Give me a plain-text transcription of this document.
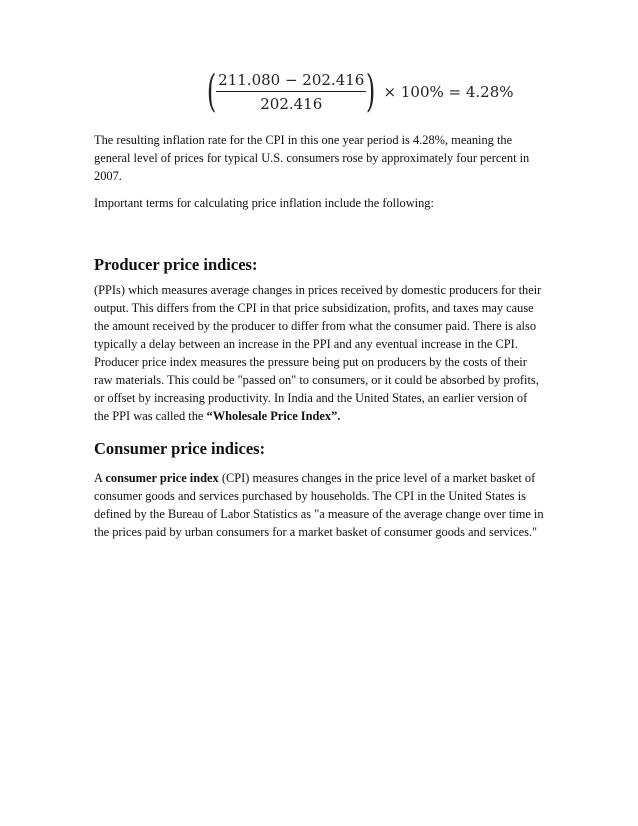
( $\frac{211.080 - 202.416}{202.416}$ ) × 100% = 4.28%

The resulting inflation rate for the CPI in this one year period is 4.28%, meaning the general level of prices for typical U.S. consumers rose by approximately four percent in 2007.

Important terms for calculating price inflation include the following:

Producer price indices:

(PPIs) which measures average changes in prices received by domestic producers for their output. This differs from the CPI in that price subsidization, profits, and taxes may cause the amount received by the producer to differ from what the consumer paid. There is also typically a delay between an increase in the PPI and any eventual increase in the CPI. Producer price index measures the pressure being put on producers by the costs of their raw materials. This could be "passed on" to consumers, or it could be absorbed by profits, or offset by increasing productivity. In India and the United States, an earlier version of the PPI was called the “Wholesale Price Index”.

Consumer price indices:

A consumer price index (CPI) measures changes in the price level of a market basket of consumer goods and services purchased by households. The CPI in the United States is defined by the Bureau of Labor Statistics as "a measure of the average change over time in the prices paid by urban consumers for a market basket of consumer goods and services."
